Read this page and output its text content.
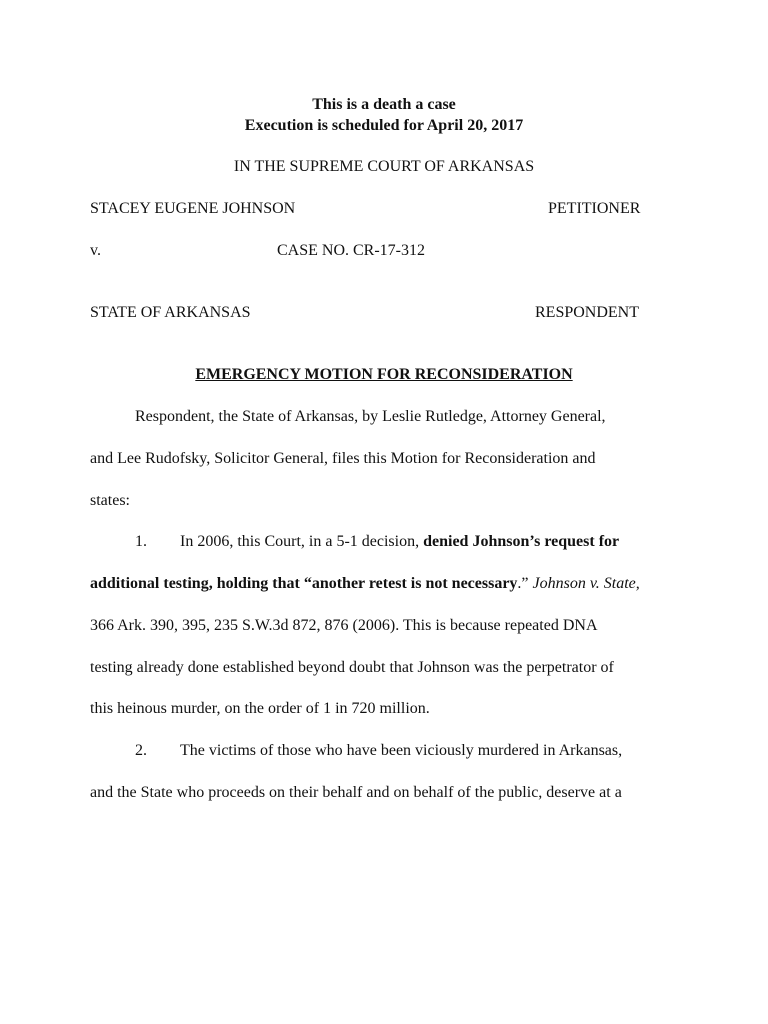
This is a death a case
Execution is scheduled for April 20, 2017
IN THE SUPREME COURT OF ARKANSAS
STACEY EUGENE JOHNSON	PETITIONER
v.	CASE NO. CR-17-312
STATE OF ARKANSAS	RESPONDENT
EMERGENCY MOTION FOR RECONSIDERATION
Respondent, the State of Arkansas, by Leslie Rutledge, Attorney General,
and Lee Rudofsky, Solicitor General, files this Motion for Reconsideration and
states:
1. In 2006, this Court, in a 5-1 decision, denied Johnson’s request for
additional testing, holding that “another retest is not necessary.” Johnson v. State,
366 Ark. 390, 395, 235 S.W.3d 872, 876 (2006). This is because repeated DNA
testing already done established beyond doubt that Johnson was the perpetrator of
this heinous murder, on the order of 1 in 720 million.
2. The victims of those who have been viciously murdered in Arkansas,
and the State who proceeds on their behalf and on behalf of the public, deserve at a
